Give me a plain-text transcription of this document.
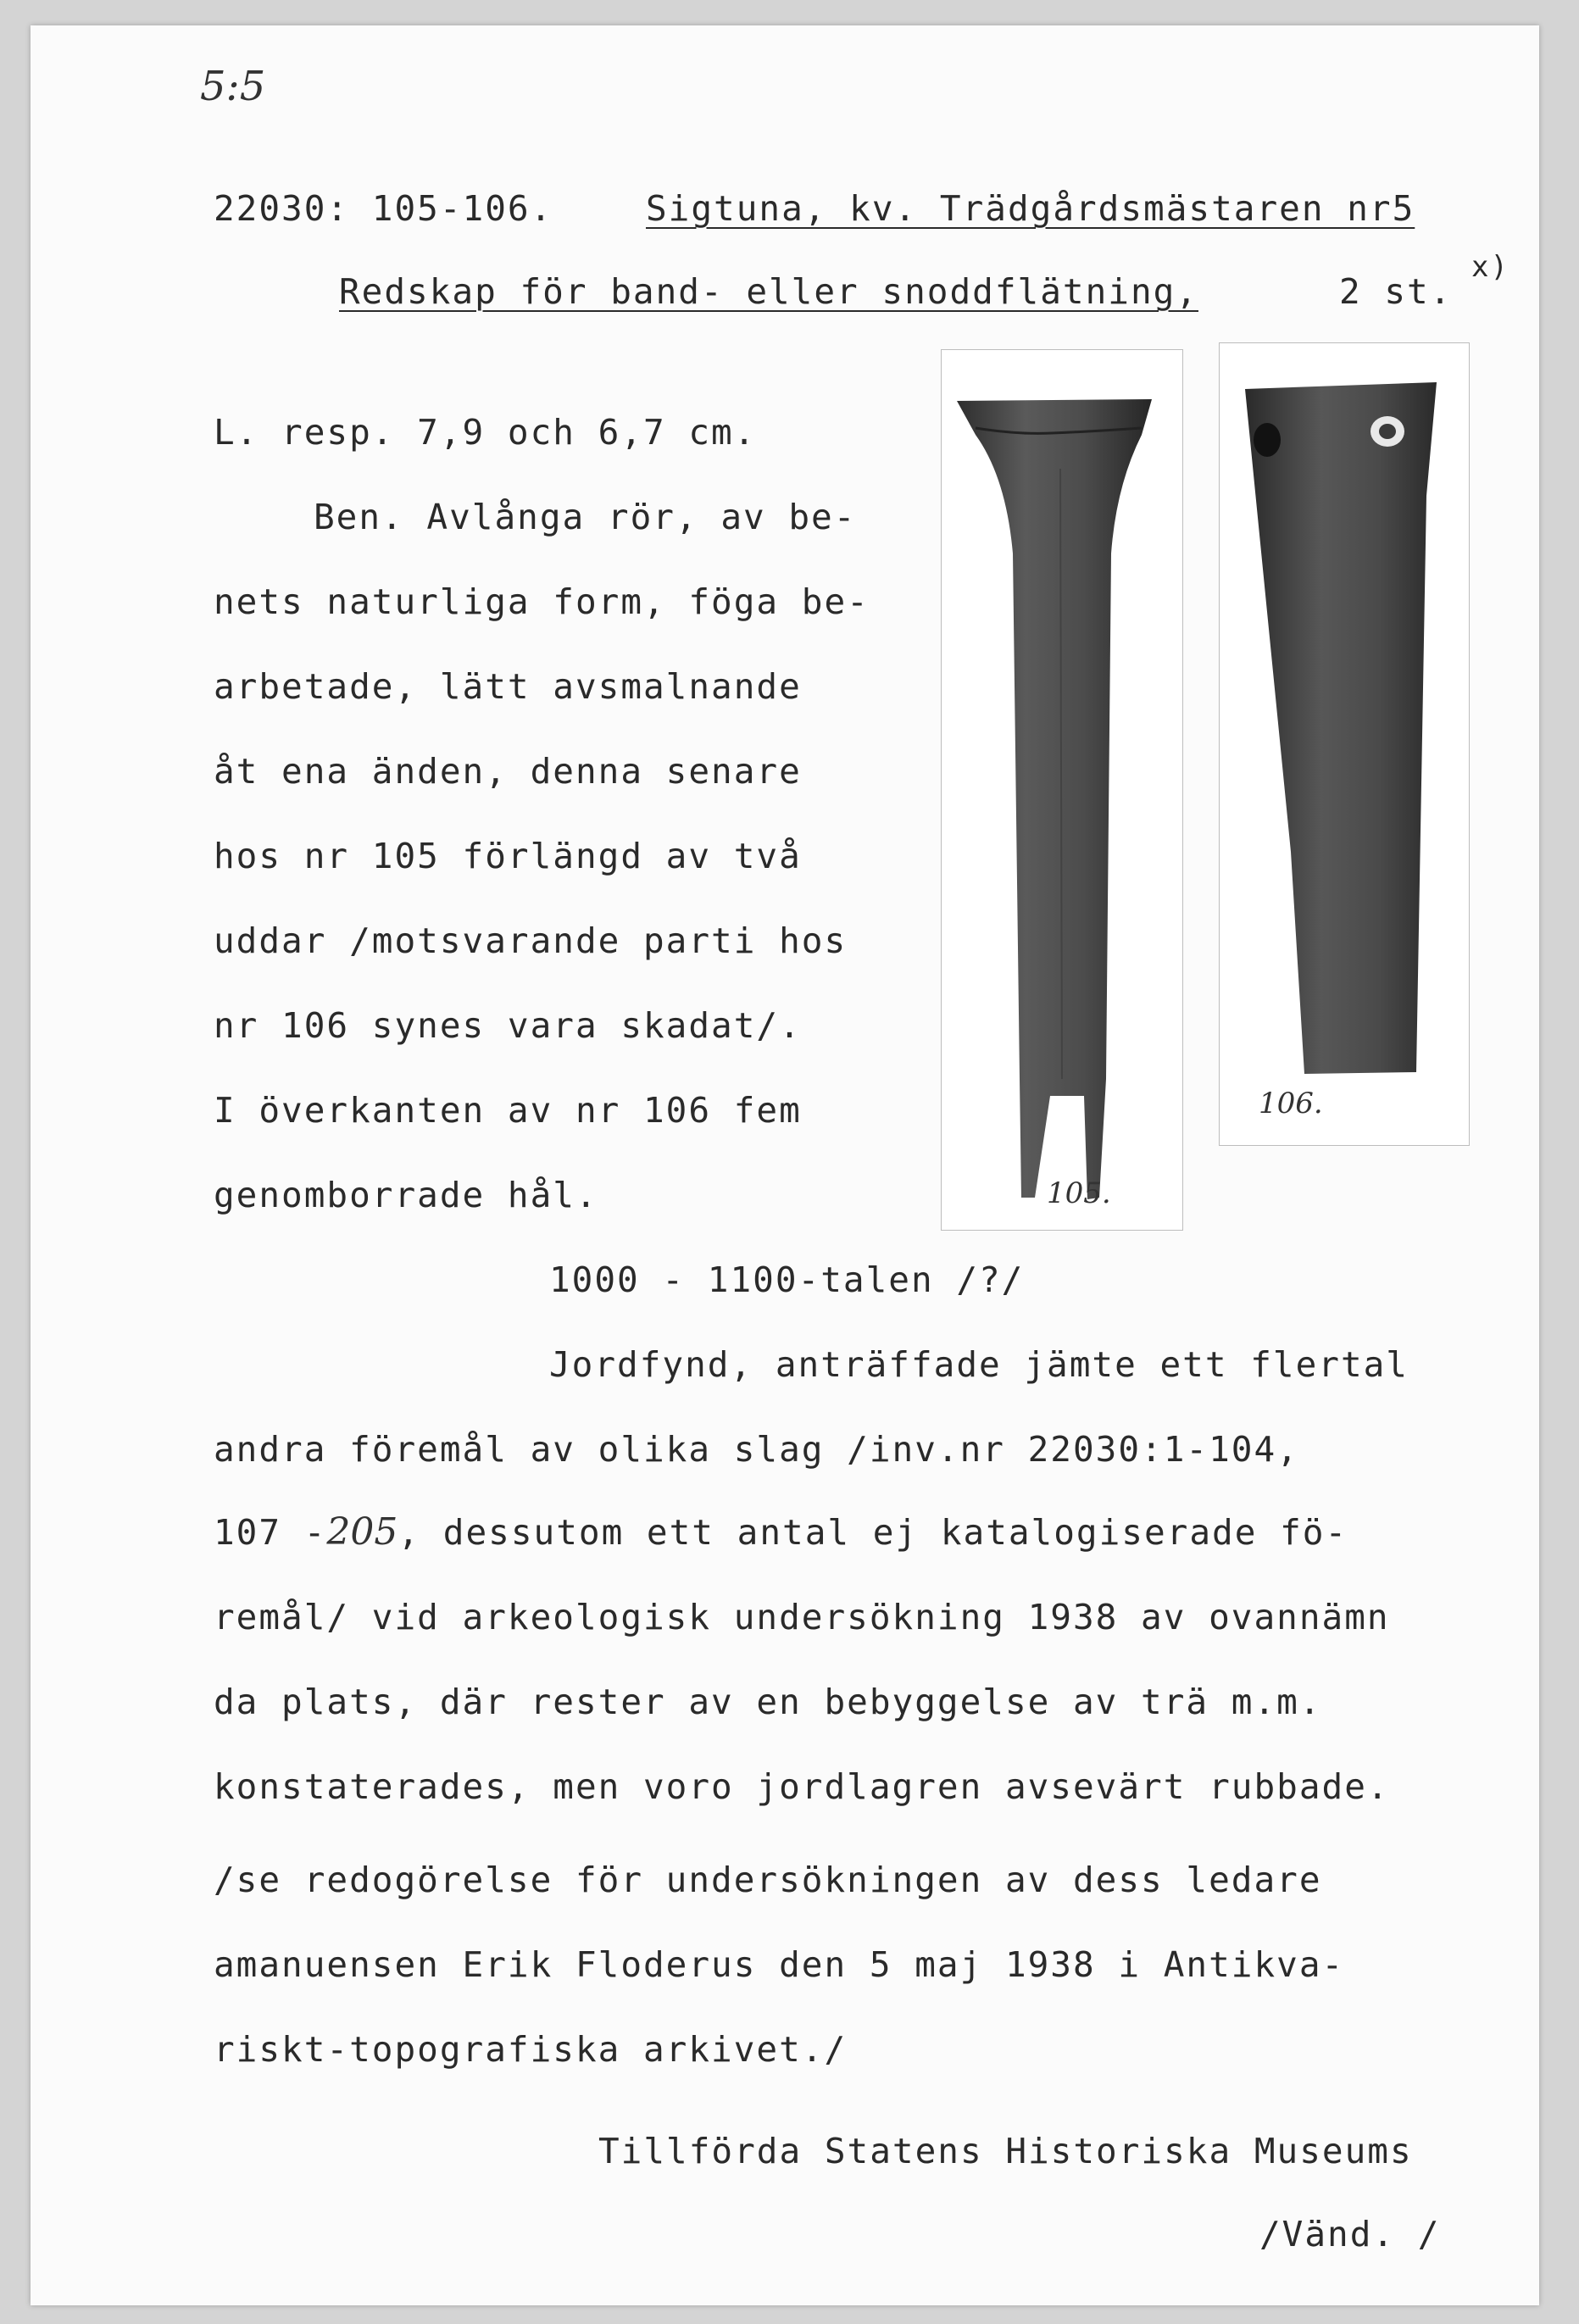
5:5
22030: 105-106.	Sigtuna, kv. Trädgårdsmästaren nr5
Redskap för band- eller snoddflätning,	2 st.
x)
L. resp. 7,9 och 6,7 cm.
Ben. Avlånga rör, av be-
nets naturliga form, föga be-
arbetade, lätt avsmalnande
åt ena änden, denna senare
hos nr 105 förlängd av två
uddar /motsvarande parti hos
nr 106 synes vara skadat/.
I överkanten av nr 106 fem
genomborrade hål.	105.
106.
1000 - 1100-talen /?/
Jordfynd, anträffade jämte ett flertal
andra föremål av olika slag /inv.nr 22030:1-104,
107 -205, dessutom ett antal ej katalogiserade fö-
remål/ vid arkeologisk undersökning 1938 av ovannämn
da plats, där rester av en bebyggelse av trä m.m.
konstaterades, men voro jordlagren avsevärt rubbade.
/se redogörelse för undersökningen av dess ledare
amanuensen Erik Floderus den 5 maj 1938 i Antikva-
riskt-topografiska arkivet./
Tillförda Statens Historiska Museums
/Vänd. /
